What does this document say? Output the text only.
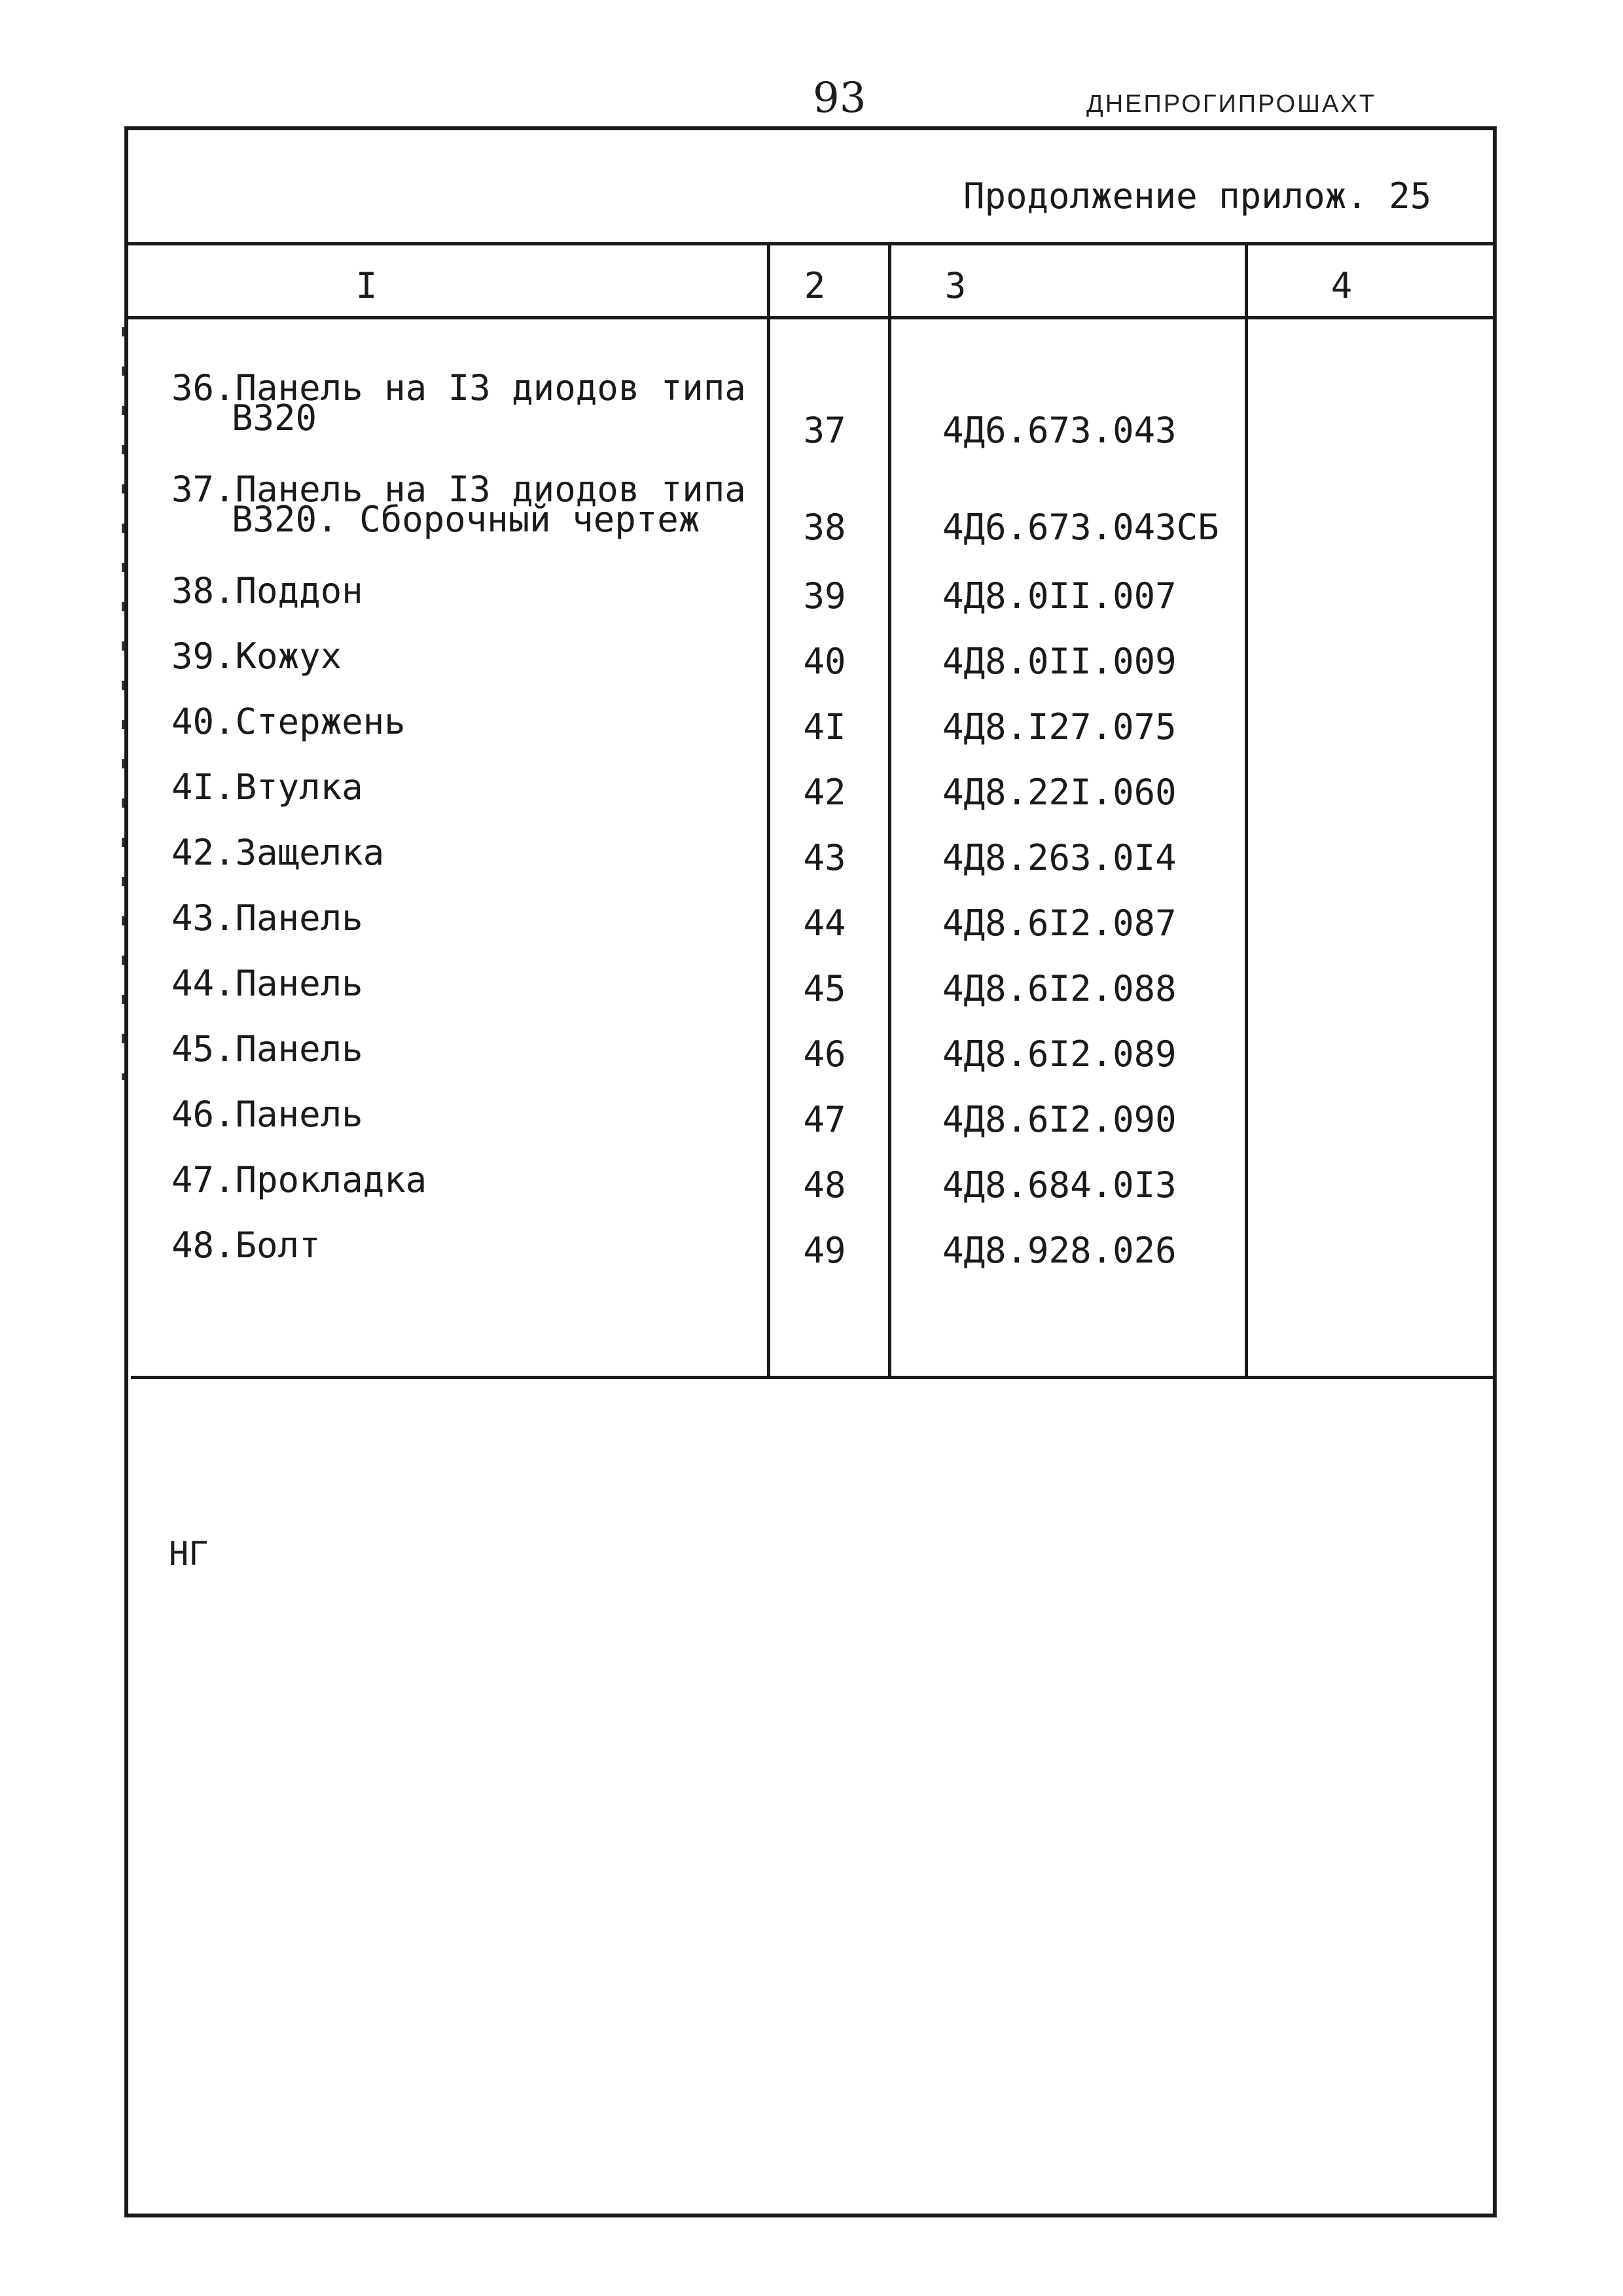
93	ДНЕПРОГИПРОШАХТ
Продолжение прилож. 25
I	2	3	4
36.Панель на I3 диодов типа
В320	37	4Д6.673.043
37.Панель на I3 диодов типа
В320. Сборочный чертеж	38	4Д6.673.043СБ
38.Поддон	39	4Д8.0II.007
39.Кожух	40	4Д8.0II.009
40.Стержень	4I	4Д8.I27.075
4I.Втулка	42	4Д8.22I.060
42.Защелка	43	4Д8.263.0I4
43.Панель	44	4Д8.6I2.087
44.Панель	45	4Д8.6I2.088
45.Панель	46	4Д8.6I2.089
46.Панель	47	4Д8.6I2.090
47.Прокладка	48	4Д8.684.0I3
48.Болт	49	4Д8.928.026
НГ
